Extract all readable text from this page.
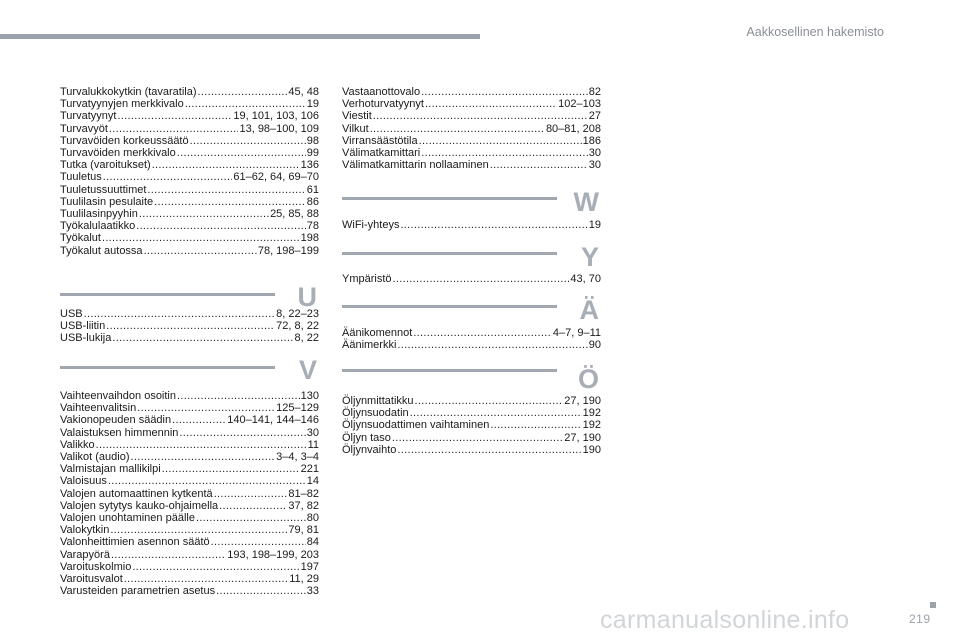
Aakkosellinen hakemisto
Turvalukkokytkin (tavaratila) .....	45, 48
Turvatyynyjen merkkivalo .....	19
Turvatyynyt .....	19, 101, 103, 106
Turvavyöt .....	13, 98–100, 109
Turvavöiden korkeussäätö .....	98
Turvavöiden merkkivalo .....	99
Tutka (varoitukset) .....	136
Tuuletus .....	61–62, 64, 69–70
Tuuletussuuttimet .....	61
Tuulilasin pesulaite .....	86
Tuulilasinpyyhin .....	25, 85, 88
Työkalulaatikko .....	78
Työkalut .....	198
Työkalut autossa .....	78, 198–199
U
USB .....	8, 22–23
USB-liitin .....	72, 8, 22
USB-lukija .....	8, 22
V
Vaihteenvaihdon osoitin .....	130
Vaihteenvalitsin .....	125–129
Vakionopeuden säädin .....	140–141, 144–146
Valaistuksen himmennin .....	30
Valikko .....	11
Valikot (audio) .....	3–4, 3–4
Valmistajan mallikilpi .....	221
Valoisuus .....	14
Valojen automaattinen kytkentä .....	81–82
Valojen sytytys kauko-ohjaimella .....	37, 82
Valojen unohtaminen päälle .....	80
Valokytkin .....	79, 81
Valonheittimien asennon säätö .....	84
Varapyörä .....	193, 198–199, 203
Varoituskolmio .....	197
Varoitusvalot .....	11, 29
Varusteiden parametrien asetus .....	33
Vastaanottovalo .....	82
Verhoturvatyynyt .....	102–103
Viestit .....	27
Vilkut .....	80–81, 208
Virransäästötila .....	186
Välimatkamittari .....	30
Välimatkamittarin nollaaminen .....	30
W
WiFi-yhteys .....	19
Y
Ympäristö .....	43, 70
Ä
Äänikomennot .....	4–7, 9–11
Äänimerkki .....	90
Ö
Öljynmittatikku .....	27, 190
Öljynsuodatin .....	192
Öljynsuodattimen vaihtaminen .....	192
Öljyn taso .....	27, 190
Öljynvaihto .....	190
carmanualsonline.info	219
